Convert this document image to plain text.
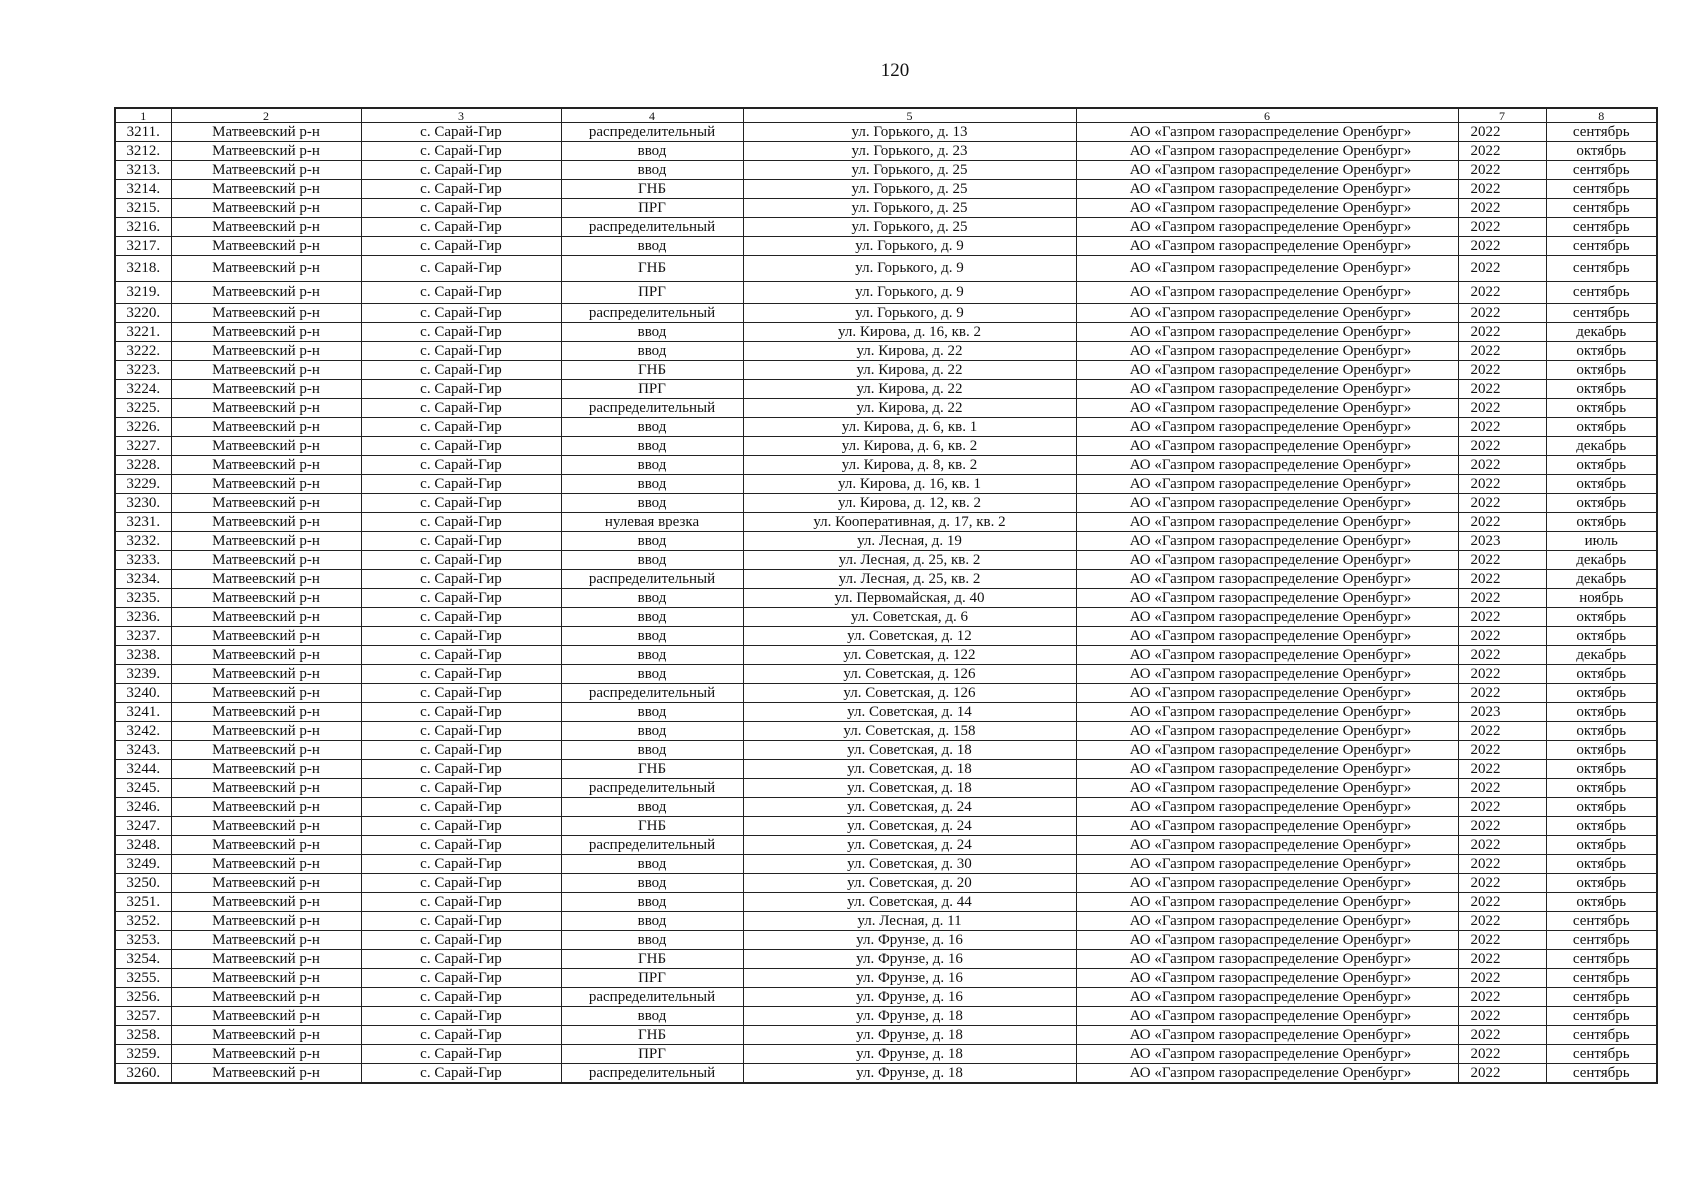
120
1	2	3	4	5	6	7	8
3211.	Матвеевский р-н	с. Сарай-Гир	распределительный	ул. Горького, д. 13	АО «Газпром газораспределение Оренбург»	2022	сентябрь
3212.	Матвеевский р-н	с. Сарай-Гир	ввод	ул. Горького, д. 23	АО «Газпром газораспределение Оренбург»	2022	октябрь
3213.	Матвеевский р-н	с. Сарай-Гир	ввод	ул. Горького, д. 25	АО «Газпром газораспределение Оренбург»	2022	сентябрь
3214.	Матвеевский р-н	с. Сарай-Гир	ГНБ	ул. Горького, д. 25	АО «Газпром газораспределение Оренбург»	2022	сентябрь
3215.	Матвеевский р-н	с. Сарай-Гир	ПРГ	ул. Горького, д. 25	АО «Газпром газораспределение Оренбург»	2022	сентябрь
3216.	Матвеевский р-н	с. Сарай-Гир	распределительный	ул. Горького, д. 25	АО «Газпром газораспределение Оренбург»	2022	сентябрь
3217.	Матвеевский р-н	с. Сарай-Гир	ввод	ул. Горького, д. 9	АО «Газпром газораспределение Оренбург»	2022	сентябрь
3218.	Матвеевский р-н	с. Сарай-Гир	ГНБ	ул. Горького, д. 9	АО «Газпром газораспределение Оренбург»	2022	сентябрь
3219.	Матвеевский р-н	с. Сарай-Гир	ПРГ	ул. Горького, д. 9	АО «Газпром газораспределение Оренбург»	2022	сентябрь
3220.	Матвеевский р-н	с. Сарай-Гир	распределительный	ул. Горького, д. 9	АО «Газпром газораспределение Оренбург»	2022	сентябрь
3221.	Матвеевский р-н	с. Сарай-Гир	ввод	ул. Кирова, д. 16, кв. 2	АО «Газпром газораспределение Оренбург»	2022	декабрь
3222.	Матвеевский р-н	с. Сарай-Гир	ввод	ул. Кирова, д. 22	АО «Газпром газораспределение Оренбург»	2022	октябрь
3223.	Матвеевский р-н	с. Сарай-Гир	ГНБ	ул. Кирова, д. 22	АО «Газпром газораспределение Оренбург»	2022	октябрь
3224.	Матвеевский р-н	с. Сарай-Гир	ПРГ	ул. Кирова, д. 22	АО «Газпром газораспределение Оренбург»	2022	октябрь
3225.	Матвеевский р-н	с. Сарай-Гир	распределительный	ул. Кирова, д. 22	АО «Газпром газораспределение Оренбург»	2022	октябрь
3226.	Матвеевский р-н	с. Сарай-Гир	ввод	ул. Кирова, д. 6, кв. 1	АО «Газпром газораспределение Оренбург»	2022	октябрь
3227.	Матвеевский р-н	с. Сарай-Гир	ввод	ул. Кирова, д. 6, кв. 2	АО «Газпром газораспределение Оренбург»	2022	декабрь
3228.	Матвеевский р-н	с. Сарай-Гир	ввод	ул. Кирова, д. 8, кв. 2	АО «Газпром газораспределение Оренбург»	2022	октябрь
3229.	Матвеевский р-н	с. Сарай-Гир	ввод	ул. Кирова, д. 16, кв. 1	АО «Газпром газораспределение Оренбург»	2022	октябрь
3230.	Матвеевский р-н	с. Сарай-Гир	ввод	ул. Кирова, д. 12, кв. 2	АО «Газпром газораспределение Оренбург»	2022	октябрь
3231.	Матвеевский р-н	с. Сарай-Гир	нулевая врезка	ул. Кооперативная, д. 17, кв. 2	АО «Газпром газораспределение Оренбург»	2022	октябрь
3232.	Матвеевский р-н	с. Сарай-Гир	ввод	ул. Лесная, д. 19	АО «Газпром газораспределение Оренбург»	2023	июль
3233.	Матвеевский р-н	с. Сарай-Гир	ввод	ул. Лесная, д. 25, кв. 2	АО «Газпром газораспределение Оренбург»	2022	декабрь
3234.	Матвеевский р-н	с. Сарай-Гир	распределительный	ул. Лесная, д. 25, кв. 2	АО «Газпром газораспределение Оренбург»	2022	декабрь
3235.	Матвеевский р-н	с. Сарай-Гир	ввод	ул. Первомайская, д. 40	АО «Газпром газораспределение Оренбург»	2022	ноябрь
3236.	Матвеевский р-н	с. Сарай-Гир	ввод	ул. Советская, д. 6	АО «Газпром газораспределение Оренбург»	2022	октябрь
3237.	Матвеевский р-н	с. Сарай-Гир	ввод	ул. Советская, д. 12	АО «Газпром газораспределение Оренбург»	2022	октябрь
3238.	Матвеевский р-н	с. Сарай-Гир	ввод	ул. Советская, д. 122	АО «Газпром газораспределение Оренбург»	2022	декабрь
3239.	Матвеевский р-н	с. Сарай-Гир	ввод	ул. Советская, д. 126	АО «Газпром газораспределение Оренбург»	2022	октябрь
3240.	Матвеевский р-н	с. Сарай-Гир	распределительный	ул. Советская, д. 126	АО «Газпром газораспределение Оренбург»	2022	октябрь
3241.	Матвеевский р-н	с. Сарай-Гир	ввод	ул. Советская, д. 14	АО «Газпром газораспределение Оренбург»	2023	октябрь
3242.	Матвеевский р-н	с. Сарай-Гир	ввод	ул. Советская, д. 158	АО «Газпром газораспределение Оренбург»	2022	октябрь
3243.	Матвеевский р-н	с. Сарай-Гир	ввод	ул. Советская, д. 18	АО «Газпром газораспределение Оренбург»	2022	октябрь
3244.	Матвеевский р-н	с. Сарай-Гир	ГНБ	ул. Советская, д. 18	АО «Газпром газораспределение Оренбург»	2022	октябрь
3245.	Матвеевский р-н	с. Сарай-Гир	распределительный	ул. Советская, д. 18	АО «Газпром газораспределение Оренбург»	2022	октябрь
3246.	Матвеевский р-н	с. Сарай-Гир	ввод	ул. Советская, д. 24	АО «Газпром газораспределение Оренбург»	2022	октябрь
3247.	Матвеевский р-н	с. Сарай-Гир	ГНБ	ул. Советская, д. 24	АО «Газпром газораспределение Оренбург»	2022	октябрь
3248.	Матвеевский р-н	с. Сарай-Гир	распределительный	ул. Советская, д. 24	АО «Газпром газораспределение Оренбург»	2022	октябрь
3249.	Матвеевский р-н	с. Сарай-Гир	ввод	ул. Советская, д. 30	АО «Газпром газораспределение Оренбург»	2022	октябрь
3250.	Матвеевский р-н	с. Сарай-Гир	ввод	ул. Советская, д. 20	АО «Газпром газораспределение Оренбург»	2022	октябрь
3251.	Матвеевский р-н	с. Сарай-Гир	ввод	ул. Советская, д. 44	АО «Газпром газораспределение Оренбург»	2022	октябрь
3252.	Матвеевский р-н	с. Сарай-Гир	ввод	ул. Лесная, д. 11	АО «Газпром газораспределение Оренбург»	2022	сентябрь
3253.	Матвеевский р-н	с. Сарай-Гир	ввод	ул. Фрунзе, д. 16	АО «Газпром газораспределение Оренбург»	2022	сентябрь
3254.	Матвеевский р-н	с. Сарай-Гир	ГНБ	ул. Фрунзе, д. 16	АО «Газпром газораспределение Оренбург»	2022	сентябрь
3255.	Матвеевский р-н	с. Сарай-Гир	ПРГ	ул. Фрунзе, д. 16	АО «Газпром газораспределение Оренбург»	2022	сентябрь
3256.	Матвеевский р-н	с. Сарай-Гир	распределительный	ул. Фрунзе, д. 16	АО «Газпром газораспределение Оренбург»	2022	сентябрь
3257.	Матвеевский р-н	с. Сарай-Гир	ввод	ул. Фрунзе, д. 18	АО «Газпром газораспределение Оренбург»	2022	сентябрь
3258.	Матвеевский р-н	с. Сарай-Гир	ГНБ	ул. Фрунзе, д. 18	АО «Газпром газораспределение Оренбург»	2022	сентябрь
3259.	Матвеевский р-н	с. Сарай-Гир	ПРГ	ул. Фрунзе, д. 18	АО «Газпром газораспределение Оренбург»	2022	сентябрь
3260.	Матвеевский р-н	с. Сарай-Гир	распределительный	ул. Фрунзе, д. 18	АО «Газпром газораспределение Оренбург»	2022	сентябрь
